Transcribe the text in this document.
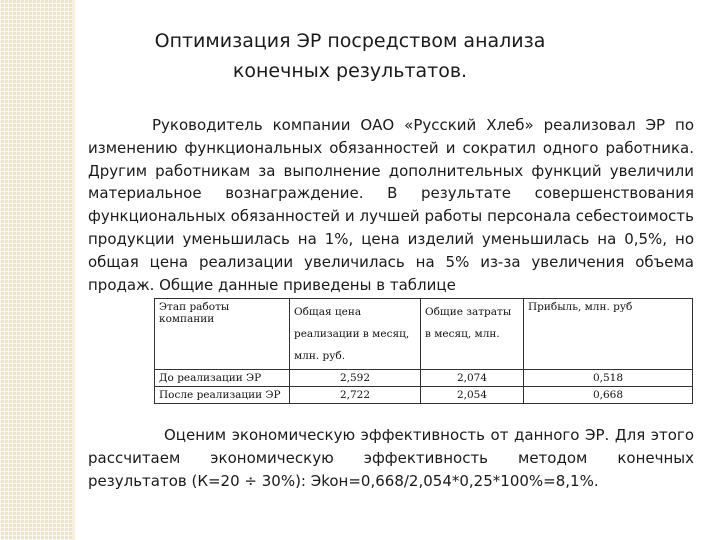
Оптимизация ЭР посредством анализа
конечных результатов.
Руководитель компании ОАО «Русский Хлеб» реализовал ЭР по изменению функциональных обязанностей и сократил одного работника. Другим работникам за выполнение дополнительных функций увеличили материальное вознаграждение. В результате совершенствования функциональных обязанностей и лучшей работы персонала себестоимость продукции уменьшилась на 1%, цена изделий уменьшилась на 0,5%, но общая цена реализации увеличилась на 5% из-за увеличения объема продаж. Общие данные приведены в таблице
Этап работы компании	Общая цена реализации в месяц, млн. руб.	Общие затраты в месяц, млн.	Прибыль, млн. руб
До реализации ЭР	2,592	2,074	0,518
После реализации ЭР	2,722	2,054	0,668
Оценим экономическую эффективность от данного ЭР. Для этого рассчитаем экономическую эффективность методом конечных результатов (К=20 ÷ 30%): Эkoн=0,668/2,054*0,25*100%=8,1%.
